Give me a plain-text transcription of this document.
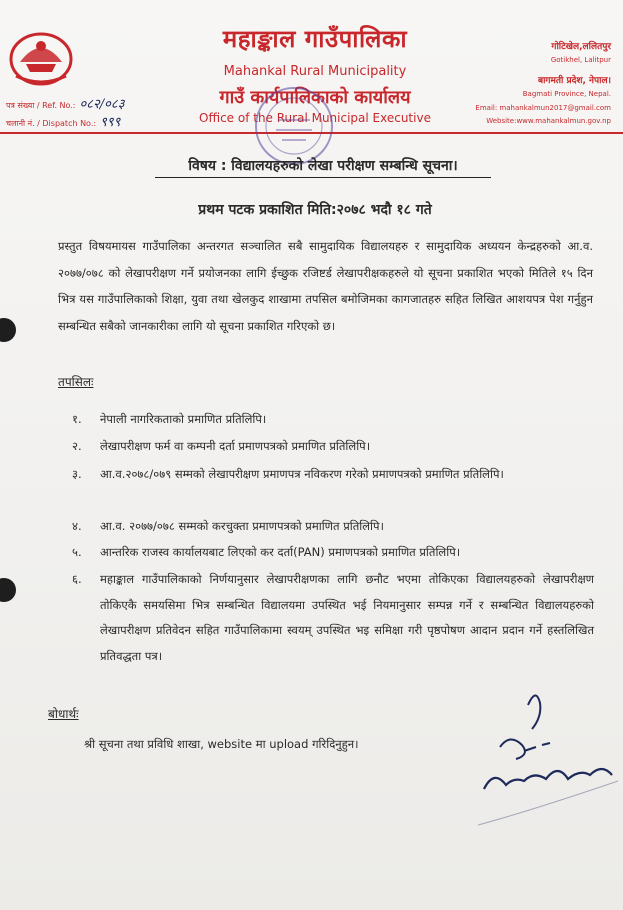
पत्र संख्या / Ref. No.: ०८२/०८३
चलानी नं. / Dispatch No.: ९९९
महाङ्काल गाउँपालिका
Mahankal Rural Municipality
गाउँ कार्यपालिकाको कार्यालय
Office of the Rural Municipal Executive
गोटिखेल,ललितपुर
Gotikhel, Lalitpur
बागमती प्रदेश, नेपाल।
Bagmati Province, Nepal.
Email: mahankalmun2017@gmail.com
Website:www.mahankalmun.gov.np
विषय : विद्यालयहरुको लेखा परीक्षण सम्बन्धि सूचना।
प्रथम पटक प्रकाशित मिति:२०७८ भदौ १८ गते
प्रस्तुत विषयमायस गाउँपालिका अन्तरगत सञ्चालित सबै सामुदायिक विद्यालयहरु र सामुदायिक अध्ययन केन्द्रहरुको आ.व. २०७७/०७८ को लेखापरीक्षण गर्ने प्रयोजनका लागि ईच्छुक रजिष्टर्ड लेखापरीक्षकहरुले यो सूचना प्रकाशित भएको मितिले १५ दिन भित्र यस गाउँपालिकाको शिक्षा, युवा तथा खेलकुद शाखामा तपसिल बमोजिमका कागजातहरु सहित लिखित आशयपत्र पेश गर्नुहुन सम्बन्धित सबैको जानकारीका लागि यो सूचना प्रकाशित गरिएको छ।
तपसिलः
१. नेपाली नागरिकताको प्रमाणित प्रतिलिपि।
२. लेखापरीक्षण फर्म वा कम्पनी दर्ता प्रमाणपत्रको प्रमाणित प्रतिलिपि।
३. आ.व.२०७८/०७९ सम्मको लेखापरीक्षण प्रमाणपत्र नविकरण गरेको प्रमाणपत्रको प्रमाणित प्रतिलिपि।
४. आ.व. २०७७/०७८ सम्मको करचुक्ता प्रमाणपत्रको प्रमाणित प्रतिलिपि।
५. आन्तरिक राजस्व कार्यालयबाट लिएको कर दर्ता(PAN) प्रमाणपत्रको प्रमाणित प्रतिलिपि।
६. महाङ्काल गाउँपालिकाको निर्णयानुसार लेखापरीक्षणका लागि छनौट भएमा तोकिएका विद्यालयहरुको लेखापरीक्षण तोकिएकै समयसिमा भित्र सम्बन्धित विद्यालयमा उपस्थित भई नियमानुसार सम्पन्न गर्ने र सम्बन्धित विद्यालयहरुको लेखापरीक्षण प्रतिवेदन सहित गाउँपालिकामा स्वयम् उपस्थित भइ समिक्षा गरी पृष्ठपोषण आदान प्रदान गर्ने हस्तलिखित प्रतिवद्धता पत्र।
बोधार्थः
श्री सूचना तथा प्रविधि शाखा, website मा upload गरिदिनुहुन।
